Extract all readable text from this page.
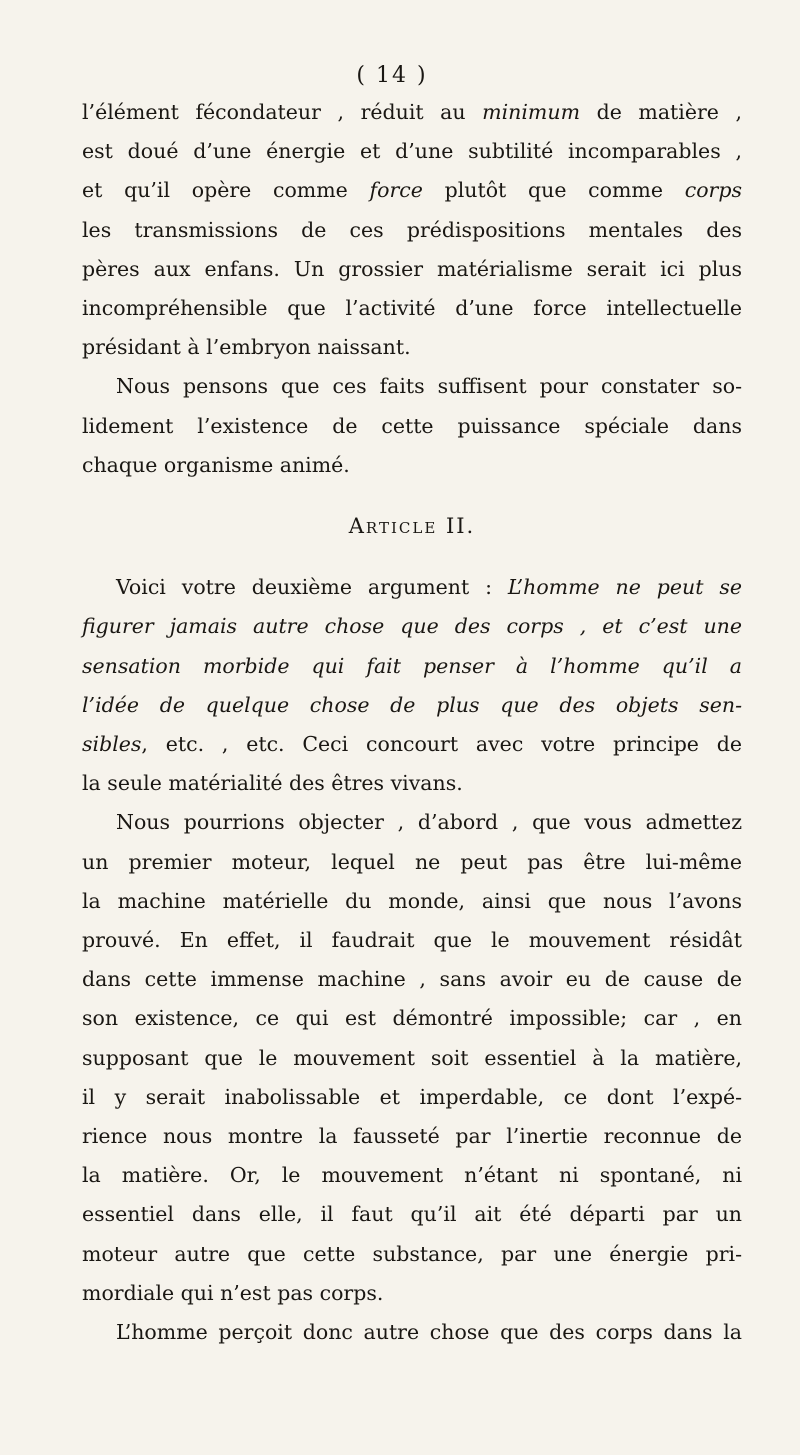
( 14 )

l’élément fécondateur , réduit au minimum de matière ,
est doué d’une énergie et d’une subtilité incomparables ,
et qu’il opère comme force plutôt que comme corps
les transmissions de ces prédispositions mentales des
pères aux enfans. Un grossier matérialisme serait ici plus
incompréhensible que l’activité d’une force intellectuelle
présidant à l’embryon naissant.

Nous pensons que ces faits suffisent pour constater so-
lidement l’existence de cette puissance spéciale dans
chaque organisme animé.

Article II.

Voici votre deuxième argument : L’homme ne peut se
figurer jamais autre chose que des corps , et c’est une
sensation morbide qui fait penser à l’homme qu’il a
l’idée de quelque chose de plus que des objets sen-
sibles, etc. , etc. Ceci concourt avec votre principe de
la seule matérialité des êtres vivans.

Nous pourrions objecter , d’abord , que vous admettez
un premier moteur, lequel ne peut pas être lui-même
la machine matérielle du monde, ainsi que nous l’avons
prouvé. En effet, il faudrait que le mouvement résidât
dans cette immense machine , sans avoir eu de cause de
son existence, ce qui est démontré impossible; car , en
supposant que le mouvement soit essentiel à la matière,
il y serait inabolissable et imperdable, ce dont l’expé-
rience nous montre la fausseté par l’inertie reconnue de
la matière. Or, le mouvement n’étant ni spontané, ni
essentiel dans elle, il faut qu’il ait été départi par un
moteur autre que cette substance, par une énergie pri-
mordiale qui n’est pas corps.

L’homme perçoit donc autre chose que des corps dans la
